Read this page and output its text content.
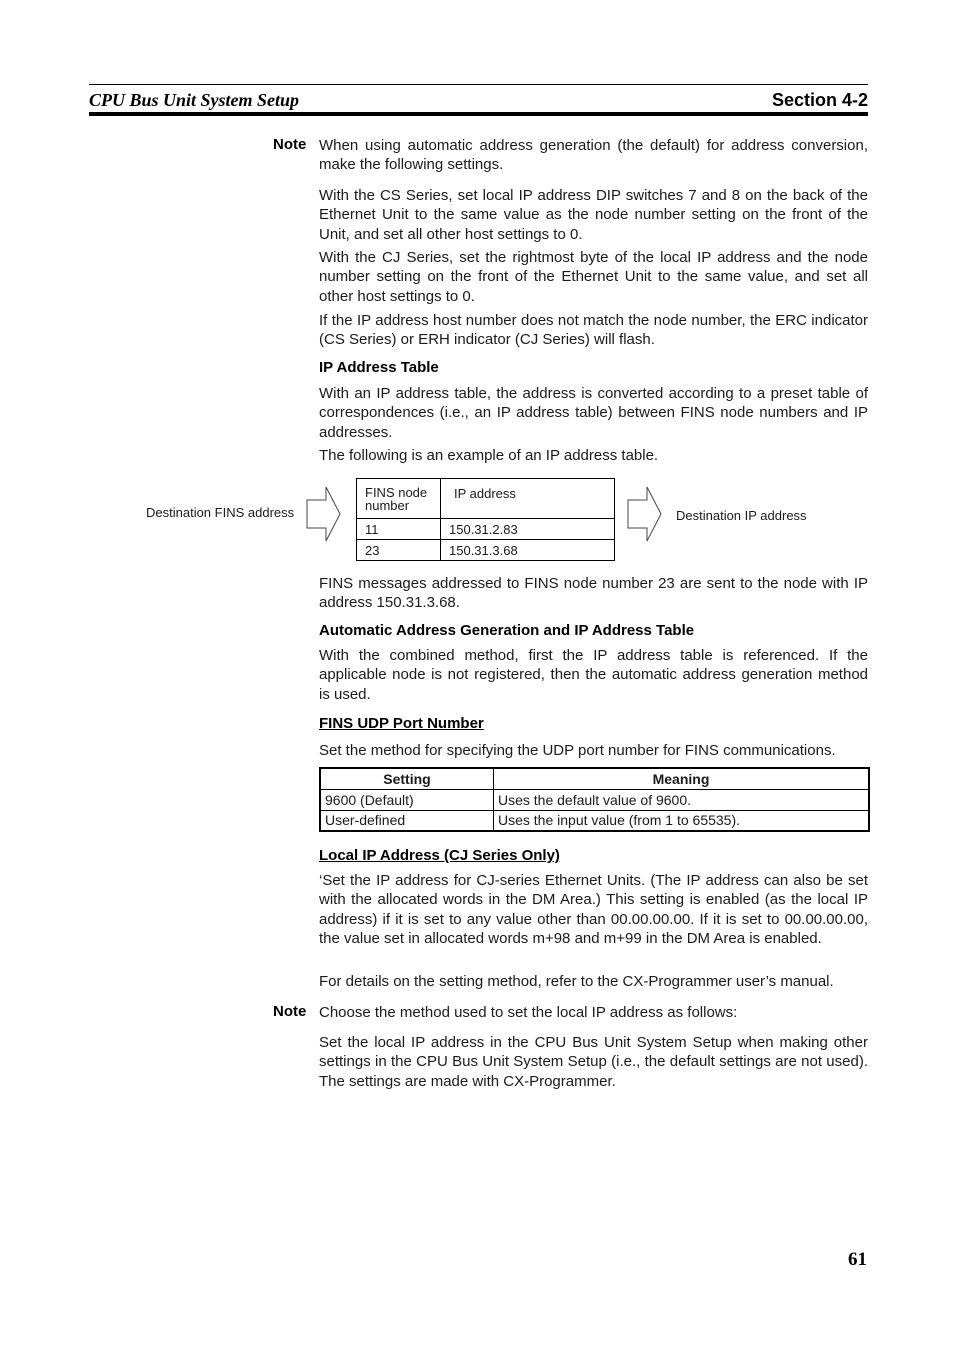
CPU Bus Unit System Setup	Section 4-2
Note When using automatic address generation (the default) for address conversion, make the following settings.
With the CS Series, set local IP address DIP switches 7 and 8 on the back of the Ethernet Unit to the same value as the node number setting on the front of the Unit, and set all other host settings to 0.
With the CJ Series, set the rightmost byte of the local IP address and the node number setting on the front of the Ethernet Unit to the same value, and set all other host settings to 0.
If the IP address host number does not match the node number, the ERC indicator (CS Series) or ERH indicator (CJ Series) will flash.
IP Address Table
With an IP address table, the address is converted according to a preset table of correspondences (i.e., an IP address table) between FINS node numbers and IP addresses.
The following is an example of an IP address table.
Destination FINS address
FINS node number	IP address
11	150.31.2.83
23	150.31.3.68
Destination IP address
FINS messages addressed to FINS node number 23 are sent to the node with IP address 150.31.3.68.
Automatic Address Generation and IP Address Table
With the combined method, first the IP address table is referenced. If the applicable node is not registered, then the automatic address generation method is used.
FINS UDP Port Number
Set the method for specifying the UDP port number for FINS communications.
Setting	Meaning
9600 (Default)	Uses the default value of 9600.
User-defined	Uses the input value (from 1 to 65535).
Local IP Address (CJ Series Only)
‘Set the IP address for CJ-series Ethernet Units. (The IP address can also be set with the allocated words in the DM Area.) This setting is enabled (as the local IP address) if it is set to any value other than 00.00.00.00. If it is set to 00.00.00.00, the value set in allocated words m+98 and m+99 in the DM Area is enabled.
For details on the setting method, refer to the CX-Programmer user’s manual.
Note Choose the method used to set the local IP address as follows:
Set the local IP address in the CPU Bus Unit System Setup when making other settings in the CPU Bus Unit System Setup (i.e., the default settings are not used). The settings are made with CX-Programmer.
61
